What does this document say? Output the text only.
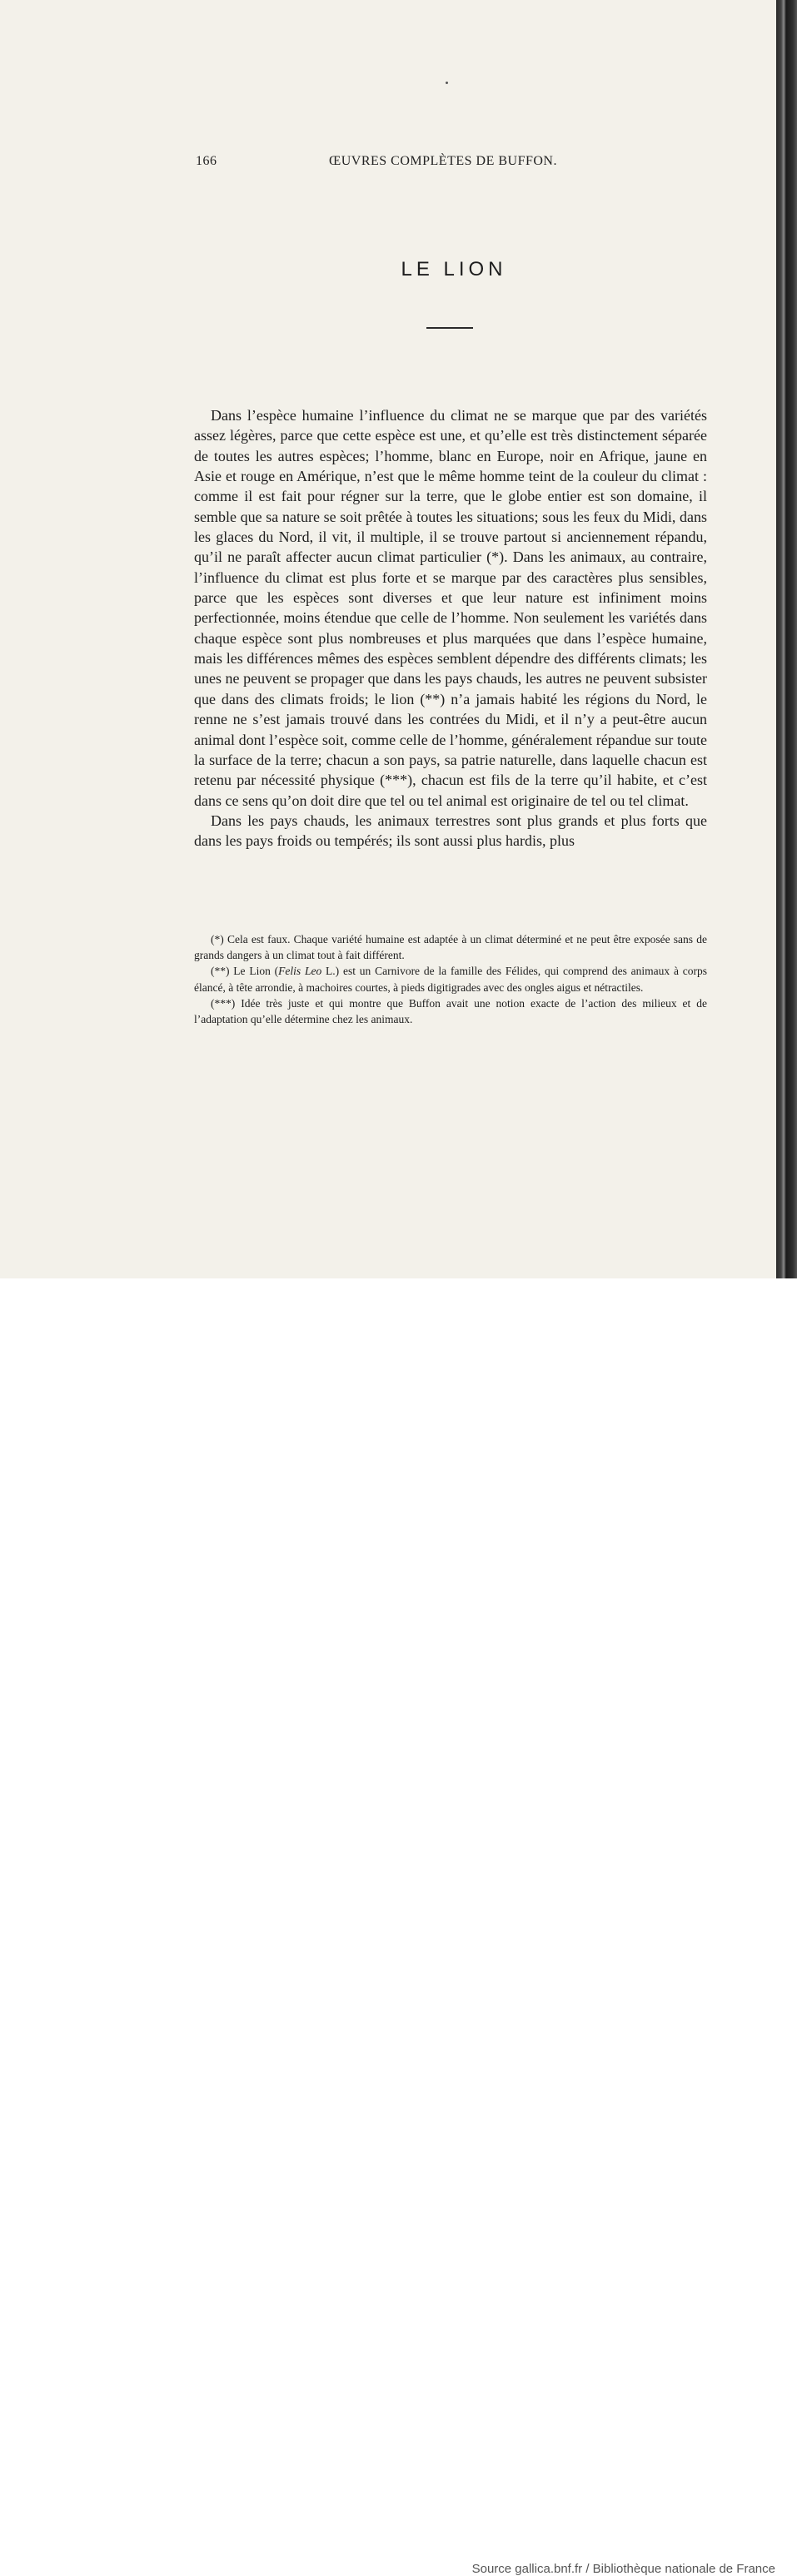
166	ŒUVRES COMPLÈTES DE BUFFON.
LE LION

Dans l’espèce humaine l’influence du climat ne se marque que par des variétés assez légères, parce que cette espèce est une, et qu’elle est très distinctement séparée de toutes les autres espèces; l’homme, blanc en Europe, noir en Afrique, jaune en Asie et rouge en Amérique, n’est que le même homme teint de la couleur du climat : comme il est fait pour régner sur la terre, que le globe entier est son domaine, il semble que sa nature se soit prêtée à toutes les situations; sous les feux du Midi, dans les glaces du Nord, il vit, il multiple, il se trouve partout si anciennement répandu, qu’il ne paraît affecter aucun climat particulier (*). Dans les animaux, au contraire, l’influence du climat est plus forte et se marque par des caractères plus sensibles, parce que les espèces sont diverses et que leur nature est infiniment moins perfectionnée, moins étendue que celle de l’homme. Non seulement les variétés dans chaque espèce sont plus nombreuses et plus marquées que dans l’espèce humaine, mais les différences mêmes des espèces semblent dépendre des différents climats; les unes ne peuvent se propager que dans les pays chauds, les autres ne peuvent subsister que dans des climats froids; le lion (**) n’a jamais habité les régions du Nord, le renne ne s’est jamais trouvé dans les contrées du Midi, et il n’y a peut-être aucun animal dont l’espèce soit, comme celle de l’homme, généralement répandue sur toute la surface de la terre; chacun a son pays, sa patrie naturelle, dans laquelle chacun est retenu par nécessité physique (***), chacun est fils de la terre qu’il habite, et c’est dans ce sens qu’on doit dire que tel ou tel animal est originaire de tel ou tel climat.

Dans les pays chauds, les animaux terrestres sont plus grands et plus forts que dans les pays froids ou tempérés; ils sont aussi plus hardis, plus

(*) Cela est faux. Chaque variété humaine est adaptée à un climat déterminé et ne peut être exposée sans de grands dangers à un climat tout à fait différent.

(**) Le Lion (Felis Leo L.) est un Carnivore de la famille des Félides, qui comprend des animaux à corps élancé, à tête arrondie, à machoires courtes, à pieds digitigrades avec des ongles aigus et nétractiles.

(***) Idée très juste et qui montre que Buffon avait une notion exacte de l’action des milieux et de l’adaptation qu’elle détermine chez les animaux.

Source gallica.bnf.fr / Bibliothèque nationale de France
